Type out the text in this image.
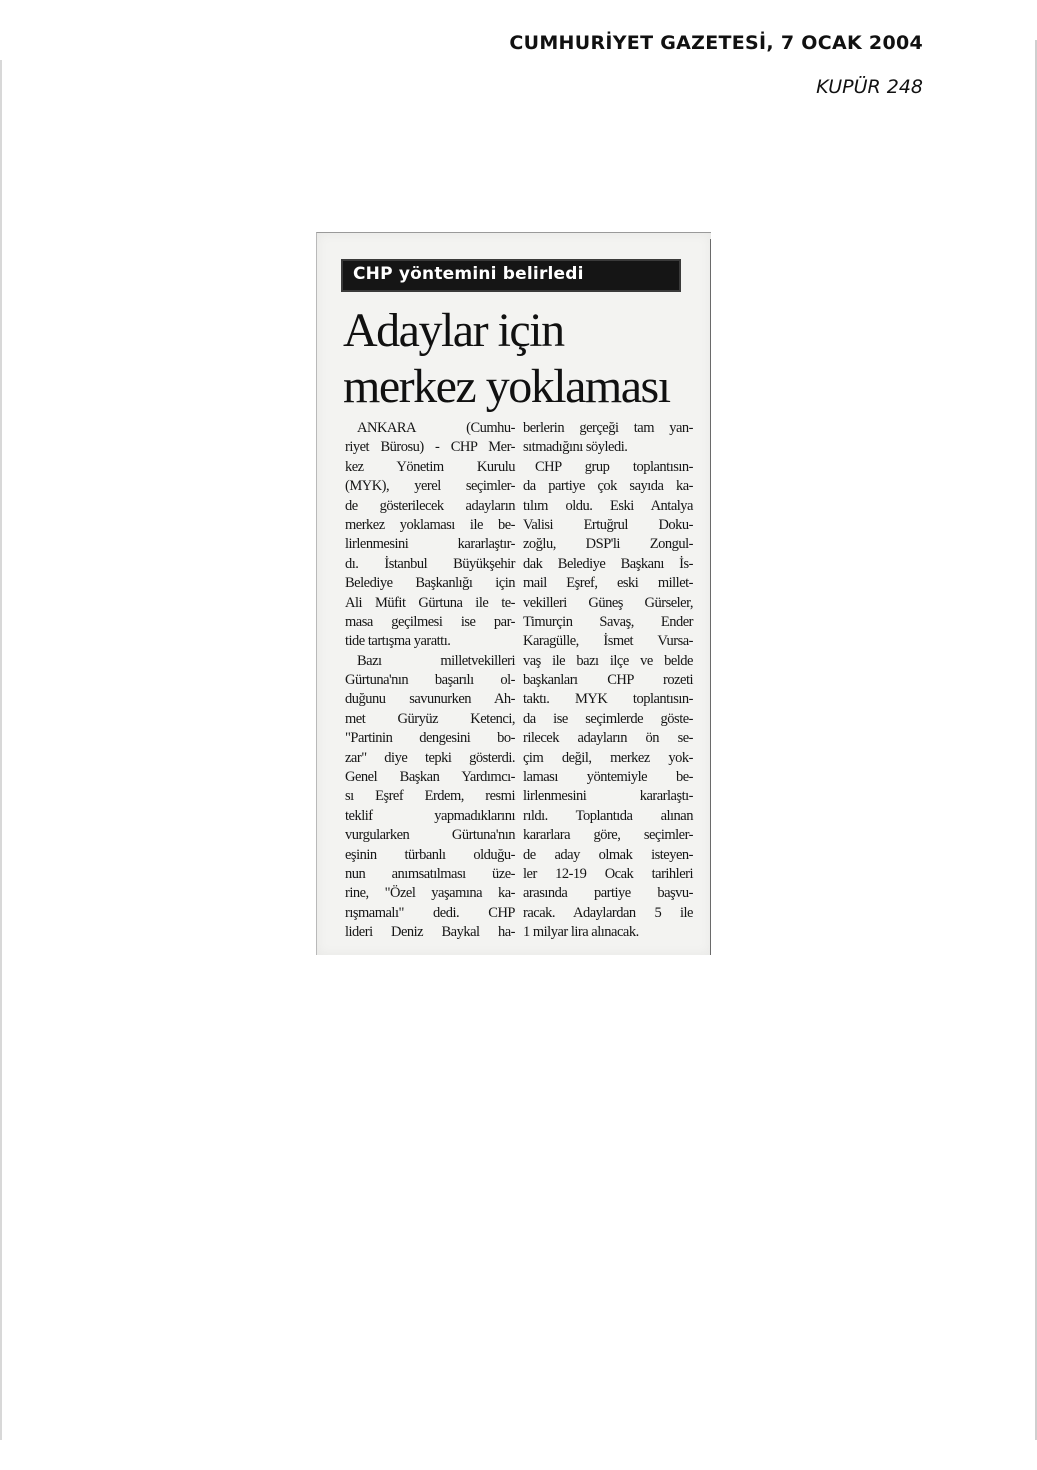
CUMHURİYET GAZETESİ, 7 OCAK 2004
KUPÜR 248
CHP yöntemini belirledi
Adaylar için
merkez yoklaması
ANKARA (Cumhu-
riyet Bürosu) - CHP Mer-
kez Yönetim Kurulu
(MYK), yerel seçimler-
de gösterilecek adayların
merkez yoklaması ile be-
lirlenmesini kararlaştır-
dı. İstanbul Büyükşehir
Belediye Başkanlığı için
Ali Müfit Gürtuna ile te-
masa geçilmesi ise par-
tide tartışma yarattı.
Bazı milletvekilleri
Gürtuna'nın başarılı ol-
duğunu savunurken Ah-
met Güryüz Ketenci,
"Partinin dengesini bo-
zar" diye tepki gösterdi.
Genel Başkan Yardımcı-
sı Eşref Erdem, resmi
teklif yapmadıklarını
vurgularken Gürtuna'nın
eşinin türbanlı olduğu-
nun anımsatılması üze-
rine, "Özel yaşamına ka-
rışmamalı" dedi. CHP
lideri Deniz Baykal ha-
berlerin gerçeği tam yan-
sıtmadığını söyledi.
CHP grup toplantısın-
da partiye çok sayıda ka-
tılım oldu. Eski Antalya
Valisi Ertuğrul Doku-
zoğlu, DSP'li Zongul-
dak Belediye Başkanı İs-
mail Eşref, eski millet-
vekilleri Güneş Gürseler,
Timurçin Savaş, Ender
Karagülle, İsmet Vursa-
vaş ile bazı ilçe ve belde
başkanları CHP rozeti
taktı. MYK toplantısın-
da ise seçimlerde göste-
rilecek adayların ön se-
çim değil, merkez yok-
laması yöntemiyle be-
lirlenmesini kararlaştı-
rıldı. Toplantıda alınan
kararlara göre, seçimler-
de aday olmak isteyen-
ler 12-19 Ocak tarihleri
arasında partiye başvu-
racak. Adaylardan 5 ile
1 milyar lira alınacak.
